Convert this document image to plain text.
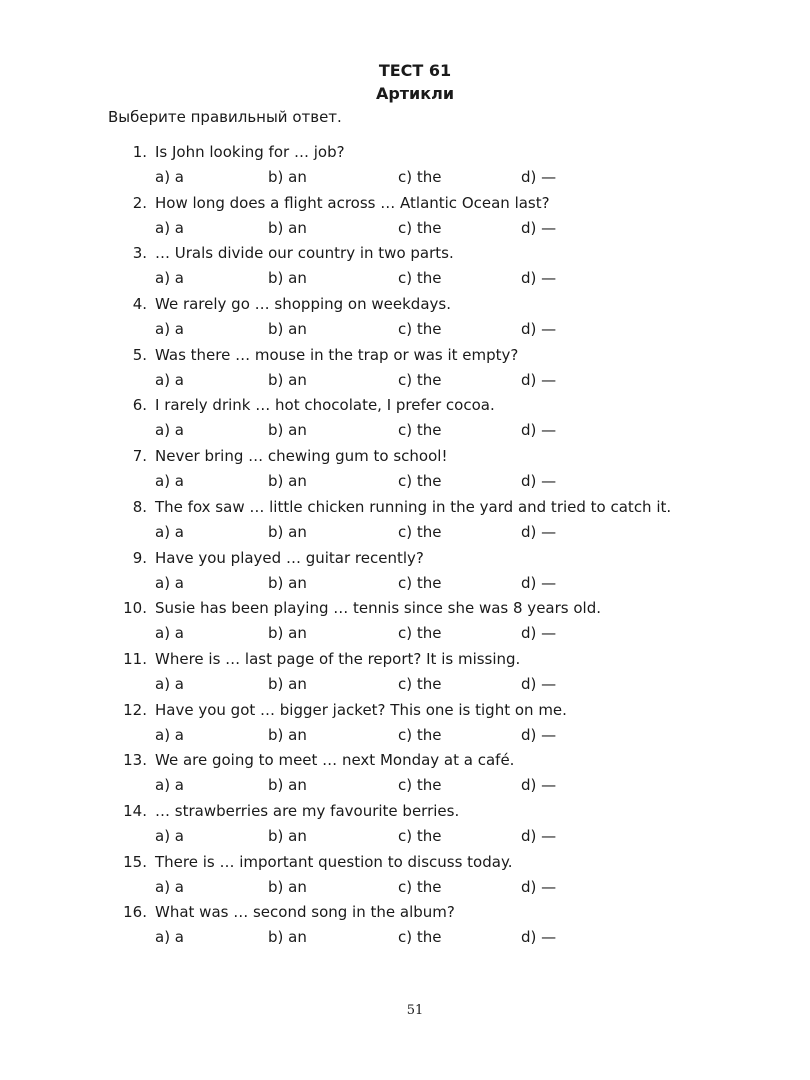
ТЕСТ 61
Артикли
Выберите правильный ответ.
1. Is John looking for … job?
a) a	b) an	c) the	d) —
2. How long does a flight across … Atlantic Ocean last?
a) a	b) an	c) the	d) —
3. … Urals divide our country in two parts.
a) a	b) an	c) the	d) —
4. We rarely go … shopping on weekdays.
a) a	b) an	c) the	d) —
5. Was there … mouse in the trap or was it empty?
a) a	b) an	c) the	d) —
6. I rarely drink … hot chocolate, I prefer cocoa.
a) a	b) an	c) the	d) —
7. Never bring … chewing gum to school!
a) a	b) an	c) the	d) —
8. The fox saw … little chicken running in the yard and tried to catch it.
a) a	b) an	c) the	d) —
9. Have you played … guitar recently?
a) a	b) an	c) the	d) —
10. Susie has been playing … tennis since she was 8 years old.
a) a	b) an	c) the	d) —
11. Where is … last page of the report? It is missing.
a) a	b) an	c) the	d) —
12. Have you got … bigger jacket? This one is tight on me.
a) a	b) an	c) the	d) —
13. We are going to meet … next Monday at a café.
a) a	b) an	c) the	d) —
14. … strawberries are my favourite berries.
a) a	b) an	c) the	d) —
15. There is … important question to discuss today.
a) a	b) an	c) the	d) —
16. What was … second song in the album?
a) a	b) an	c) the	d) —
51
